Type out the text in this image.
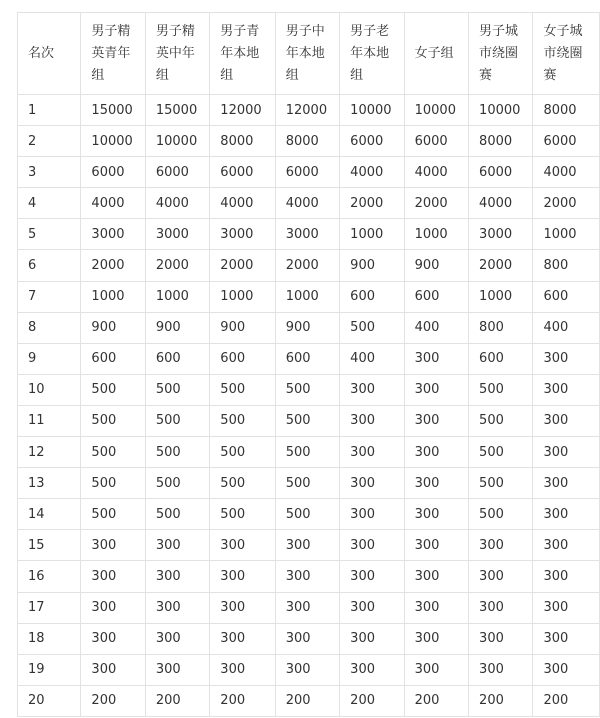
名次	男子精英青年组	男子精英中年组	男子青年本地组	男子中年本地组	男子老年本地组	女子组	男子城市绕圈赛	女子城市绕圈赛
1	15000	15000	12000	12000	10000	10000	10000	8000
2	10000	10000	8000	8000	6000	6000	8000	6000
3	6000	6000	6000	6000	4000	4000	6000	4000
4	4000	4000	4000	4000	2000	2000	4000	2000
5	3000	3000	3000	3000	1000	1000	3000	1000
6	2000	2000	2000	2000	900	900	2000	800
7	1000	1000	1000	1000	600	600	1000	600
8	900	900	900	900	500	400	800	400
9	600	600	600	600	400	300	600	300
10	500	500	500	500	300	300	500	300
11	500	500	500	500	300	300	500	300
12	500	500	500	500	300	300	500	300
13	500	500	500	500	300	300	500	300
14	500	500	500	500	300	300	500	300
15	300	300	300	300	300	300	300	300
16	300	300	300	300	300	300	300	300
17	300	300	300	300	300	300	300	300
18	300	300	300	300	300	300	300	300
19	300	300	300	300	300	300	300	300
20	200	200	200	200	200	200	200	200
